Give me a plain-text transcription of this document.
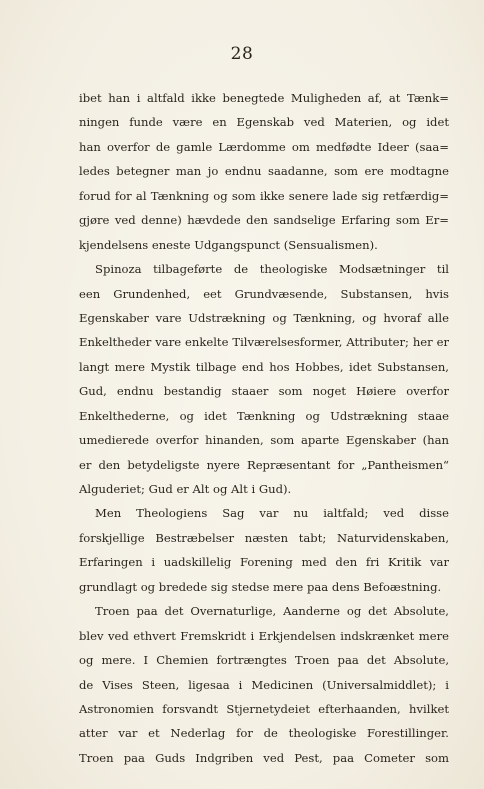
28
ibet han i altfald ikke benegtede Muligheden af, at Tænk=
ningen funde være en Egenskab ved Materien, og idet
han overfor de gamle Lærdomme om medfødte Ideer (saa=
ledes betegner man jo endnu saadanne, som ere modtagne
forud for al Tænkning og som ikke senere lade sig retfærdig=
gjøre ved denne) hævdede den sandselige Erfaring som Er=
kjendelsens eneste Udgangspunct (Sensualismen).
Spinoza tilbageførte de theologiske Modsætninger til
een Grundenhed, eet Grundvæsende, Substansen, hvis
Egenskaber vare Udstrækning og Tænkning, og hvoraf alle
Enkeltheder vare enkelte Tilværelsesformer, Attributer; her er
langt mere Mystik tilbage end hos Hobbes, idet Substansen,
Gud, endnu bestandig staaer som noget Høiere overfor
Enkelthederne, og idet Tænkning og Udstrækning staae
umedierede overfor hinanden, som aparte Egenskaber (han
er den betydeligste nyere Repræsentant for „Pantheismen“
Alguderiet; Gud er Alt og Alt i Gud).
Men Theologiens Sag var nu ialtfald; ved disse
forskjellige Bestræbelser næsten tabt; Naturvidenskaben,
Erfaringen i uadskillelig Forening med den fri Kritik var
grundlagt og bredede sig stedse mere paa dens Befoæstning.
Troen paa det Overnaturlige, Aanderne og det Absolute,
blev ved ethvert Fremskridt i Erkjendelsen indskrænket mere
og mere. I Chemien fortrængtes Troen paa det Absolute,
de Vises Steen, ligesaa i Medicinen (Universalmiddlet); i
Astronomien forsvandt Stjernetydeiet efterhaanden, hvilket
atter var et Nederlag for de theologiske Forestillinger.
Troen paa Guds Indgriben ved Pest, paa Cometer som
